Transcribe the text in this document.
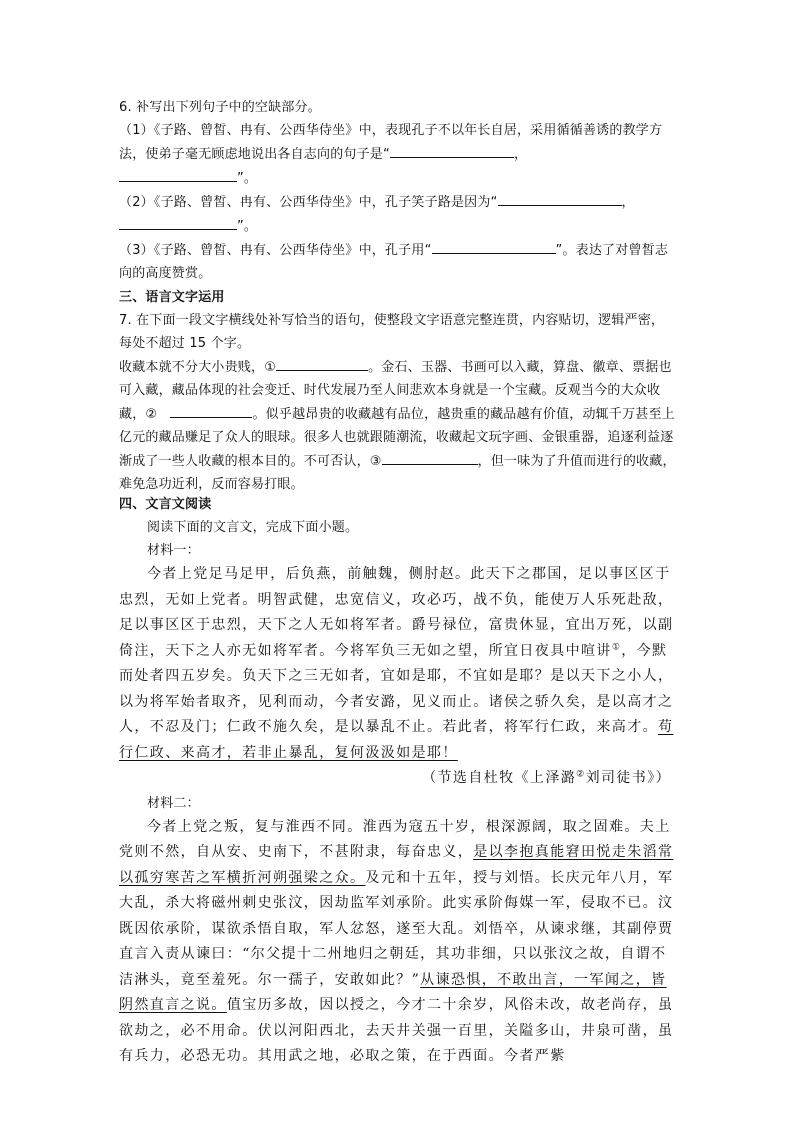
6. 补写出下列句子中的空缺部分。

（1）《子路、曾皙、冉有、公西华侍坐》中，表现孔子不以年长自居，采用循循善诱的教学方法，使弟子毫无顾虑地说出各自志向的句子是“	，
”。

（2）《子路、曾皙、冉有、公西华侍坐》中，孔子笑子路是因为“	，
”。

（3）《子路、曾皙、冉有、公西华侍坐》中，孔子用“	”。表达了对曾皙志向的高度赞赏。

三、语言文字运用

7. 在下面一段文字横线处补写恰当的语句，使整段文字语意完整连贯，内容贴切，逻辑严密，每处不超过 15 个字。

收藏本就不分大小贵贱，①	。金石、玉器、书画可以入藏，算盘、徽章、票据也可入藏，藏品体现的社会变迁、时代发展乃至人间悲欢本身就是一个宝藏。反观当今的大众收藏，②　	。似乎越昂贵的收藏越有品位，越贵重的藏品越有价值，动辄千万甚至上亿元的藏品赚足了众人的眼球。很多人也就跟随潮流，收藏起文玩字画、金银重器，追逐利益逐渐成了一些人收藏的根本目的。不可否认，③	，但一味为了升值而进行的收藏，难免急功近利，反而容易打眼。

四、文言文阅读

阅读下面的文言文，完成下面小题。

材料一：

今者上党足马足甲，后负燕，前触魏，侧肘赵。此天下之郡国，足以事区区于忠烈，无如上党者。明智武健，忠宽信义，攻必巧，战不负，能使万人乐死赴敌，足以事区区于忠烈，天下之人无如将军者。爵号禄位，富贵休显，宜出万死，以副倚注，天下之人亦无如将军者。今将军负三无如之望，所宜日夜具中喧讲①，今默而处者四五岁矣。负天下之三无如者，宜如是耶，不宜如是耶？是以天下之小人，以为将军始者取齐，见利而动，今者安潞，见义而止。诸侯之骄久矣，是以高才之人，不忍及门；仁政不施久矣，是以暴乱不止。若此者，将军行仁政，来高才。苟行仁政、来高才，若非止暴乱，复何汲汲如是耶！

（节选自杜牧《上泽潞②刘司徒书》）

材料二：

今者上党之叛，复与淮西不同。淮西为寇五十岁，根深源阔，取之固难。夫上党则不然，自从安、史南下，不甚附隶，每奋忠义，是以李抱真能窘田悦走朱滔常以孤穷寒苦之军横折河朔强梁之众。及元和十五年，授与刘悟。长庆元年八月，军大乱，杀大将磁州刺史张汶，因劫监军刘承阶。此实承阶侮媒一军，侵取不已。汶既因依承阶，谋欲杀悟自取，军人忿怒，遂至大乱。刘悟卒，从谏求继，其副停贾直言入责从谏曰：“尔父提十二州地归之朝廷，其功非细，只以张汶之故，自谓不洁淋头，竟至羞死。尔一孺子，安敢如此？”从谏恐惧，不敢出言，一军闻之，皆阴然直言之说。值宝历多故，因以授之，今才二十余岁，风俗未改，故老尚存，虽欲劫之，必不用命。伏以河阳西北，去天井关强一百里，关隘多山，井泉可凿，虽有兵力，必恐无功。其用武之地，必取之策，在于西面。今者严紫
